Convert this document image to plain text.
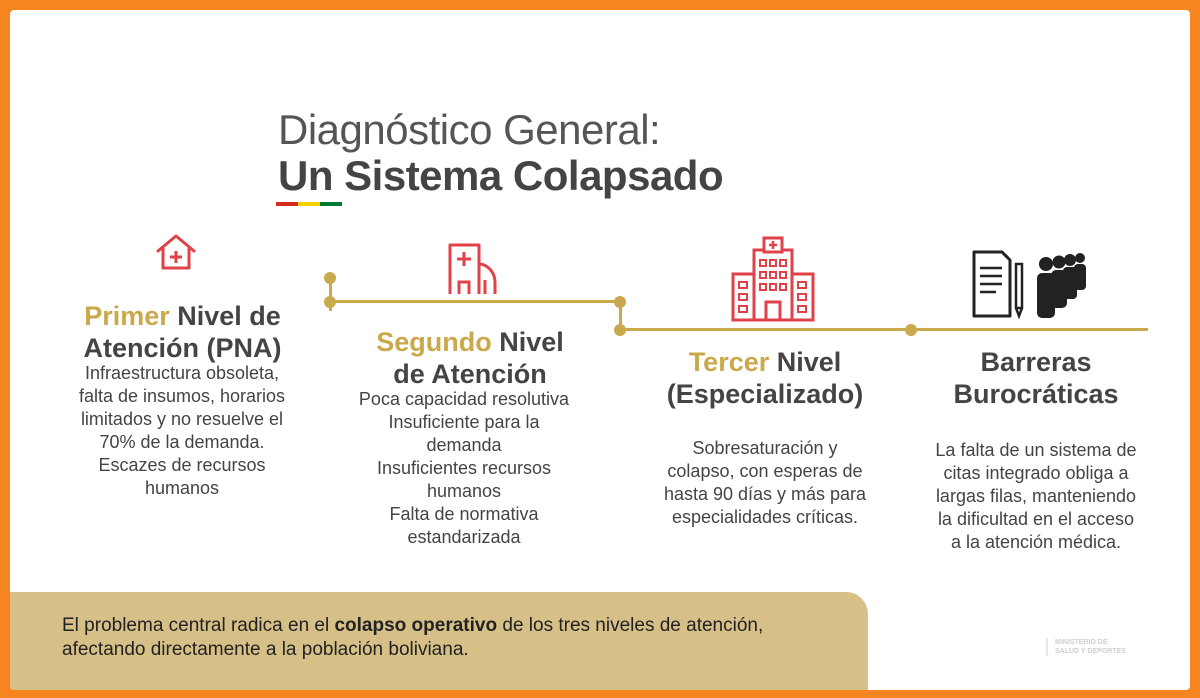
Diagnóstico General:
Un Sistema Colapsado
Primer Nivel de
Atención (PNA)
Infraestructura obsoleta,
falta de insumos, horarios
limitados y no resuelve el
70% de la demanda.
Escazes de recursos
humanos
Segundo Nivel
de Atención
Poca capacidad resolutiva
Insuficiente para la
demanda
Insuficientes recursos
humanos
Falta de normativa
estandarizada
Tercer Nivel
(Especializado)
Sobresaturación y
colapso, con esperas de
hasta 90 días y más para
especialidades críticas.
Barreras
Burocráticas
La falta de un sistema de
citas integrado obliga a
largas filas, manteniendo
la dificultad en el acceso
a la atención médica.
El problema central radica en el colapso operativo de los tres niveles de atención, afectando directamente a la población boliviana.	MINISTERIO DE
SALUD Y DEPORTES
